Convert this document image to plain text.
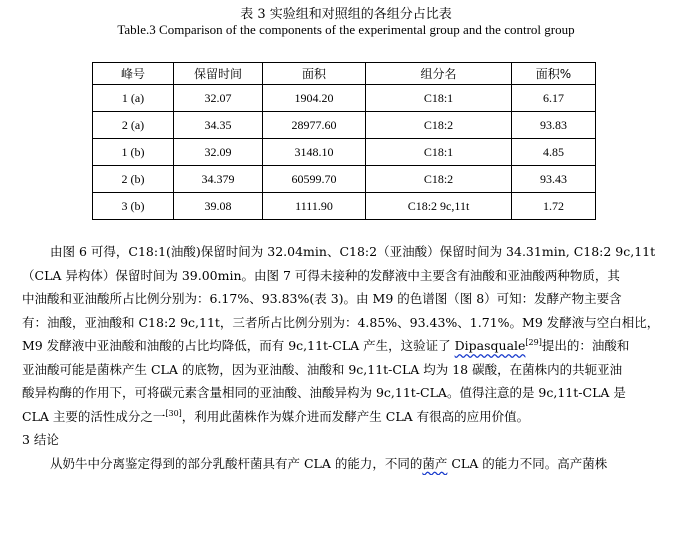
表 3 实验组和对照组的各组分占比表
Table.3 Comparison of the components of the experimental group and the control group
峰号	保留时间	面积	组分名	面积%
1 (a)	32.07	1904.20	C18:1	6.17
2 (a)	34.35	28977.60	C18:2	93.83
1 (b)	32.09	3148.10	C18:1	4.85
2 (b)	34.379	60599.70	C18:2	93.43
3 (b)	39.08	1111.90	C18:2 9c,11t	1.72
由图 6 可得，C18:1(油酸)保留时间为 32.04min、C18:2（亚油酸）保留时间为 34.31min, C18:2 9c,11t
（CLA 异构体）保留时间为 39.00min。由图 7 可得未接种的发酵液中主要含有油酸和亚油酸两种物质，其
中油酸和亚油酸所占比例分别为：6.17%、93.83%(表 3)。由 M9 的色谱图（图 8）可知：发酵产物主要含
有：油酸，亚油酸和 C18:2 9c,11t，三者所占比例分别为：4.85%、93.43%、1.71%。M9 发酵液与空白相比，
M9 发酵液中亚油酸和油酸的占比均降低，而有 9c,11t-CLA 产生，这验证了 Dipasquale[29]提出的：油酸和
亚油酸可能是菌株产生 CLA 的底物，因为亚油酸、油酸和 9c,11t-CLA 均为 18 碳酸，在菌株内的共轭亚油
酸异构酶的作用下，可将碳元素含量相同的亚油酸、油酸异构为 9c,11t-CLA。值得注意的是 9c,11t-CLA 是
CLA 主要的活性成分之一[30]，利用此菌株作为媒介进而发酵产生 CLA 有很高的应用价值。
3 结论
从奶牛中分离鉴定得到的部分乳酸杆菌具有产 CLA 的能力，不同的菌产 CLA 的能力不同。高产菌株
